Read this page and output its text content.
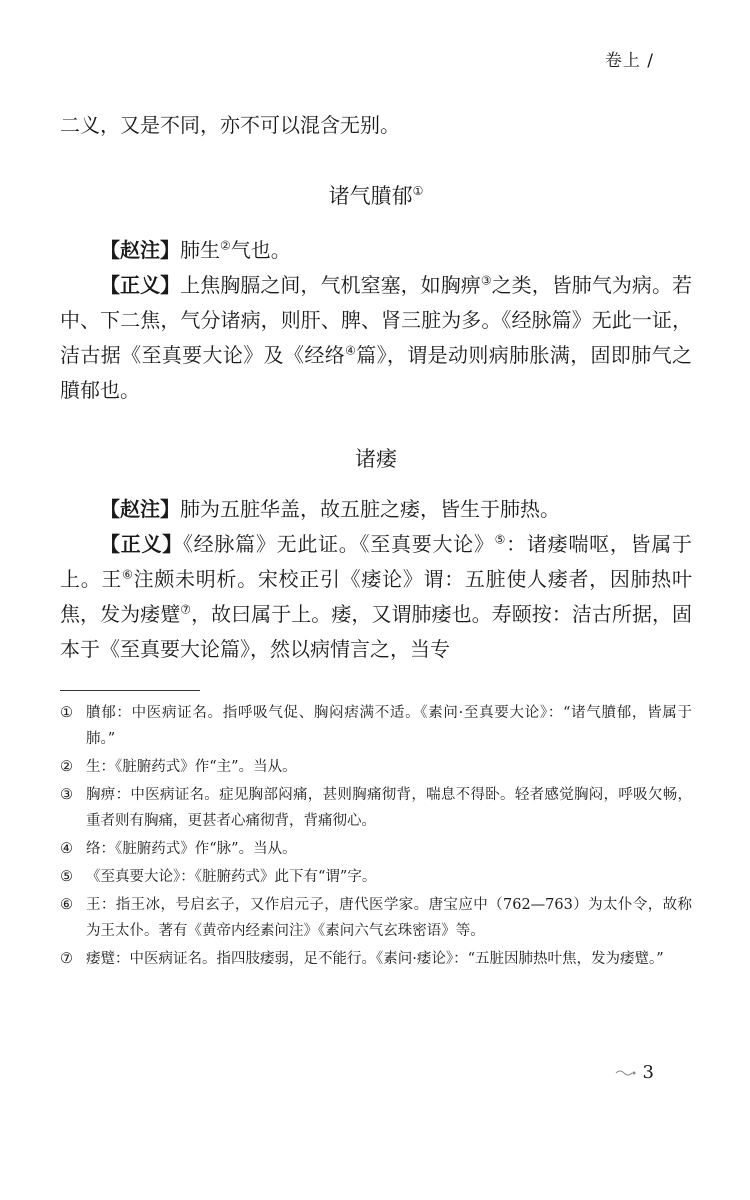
卷上 /

二义，又是不同，亦不可以混含无别。

诸气膹郁①

【赵注】肺生②气也。

【正义】上焦胸膈之间，气机窒塞，如胸痹③之类，皆肺气为病。若中、下二焦，气分诸病，则肝、脾、肾三脏为多。《经脉篇》无此一证，洁古据《至真要大论》及《经络④篇》，谓是动则病肺胀满，固即肺气之膹郁也。

诸痿

【赵注】肺为五脏华盖，故五脏之痿，皆生于肺热。

【正义】《经脉篇》无此证。《至真要大论》⑤：诸痿喘呕，皆属于上。王⑥注颇未明析。宋校正引《痿论》谓：五脏使人痿者，因肺热叶焦，发为痿躄⑦，故曰属于上。痿，又谓肺痿也。寿颐按：洁古所据，固本于《至真要大论篇》，然以病情言之，当专

① 膹郁：中医病证名。指呼吸气促、胸闷痞满不适。《素问·至真要大论》：“诸气膹郁，皆属于肺。”
② 生：《脏腑药式》作“主”。当从。
③ 胸痹：中医病证名。症见胸部闷痛，甚则胸痛彻背，喘息不得卧。轻者感觉胸闷，呼吸欠畅，重者则有胸痛，更甚者心痛彻背，背痛彻心。
④ 络：《脏腑药式》作“脉”。当从。
⑤ 《至真要大论》：《脏腑药式》此下有“谓”字。
⑥ 王：指王冰，号启玄子，又作启元子，唐代医学家。唐宝应中（762—763）为太仆令，故称为王太仆。著有《黄帝内经素问注》《素问六气玄珠密语》等。
⑦ 痿躄：中医病证名。指四肢痿弱，足不能行。《素问·痿论》：“五脏因肺热叶焦，发为痿躄。”
3
